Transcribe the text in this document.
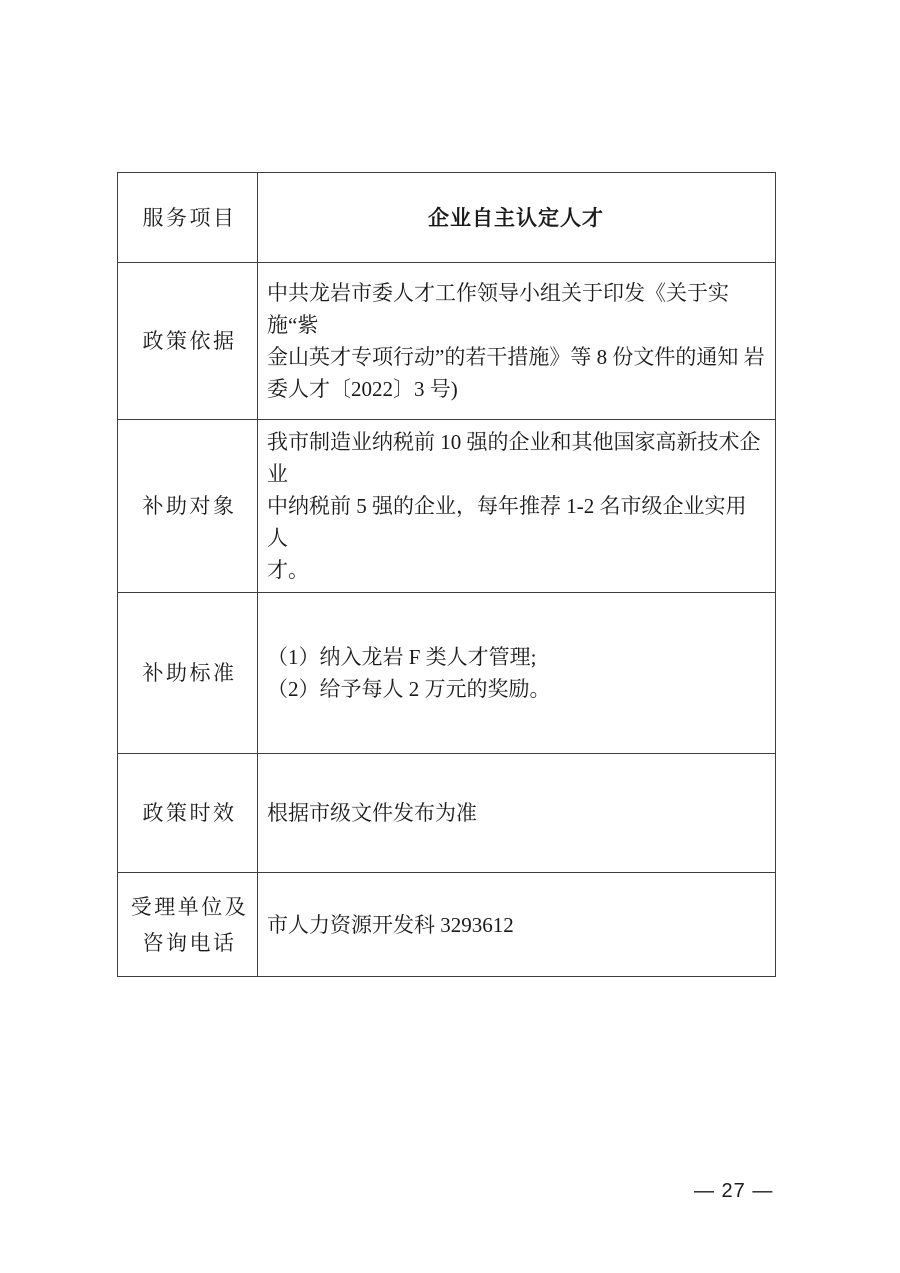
服务项目	企业自主认定人才

政策依据	中共龙岩市委人才工作领导小组关于印发《关于实施“紫
金山英才专项行动”的若干措施》等 8 份文件的通知 岩
委人才〔2022〕3 号)

补助对象	我市制造业纳税前 10 强的企业和其他国家高新技术企业
中纳税前 5 强的企业，每年推荐 1-2 名市级企业实用人
才。

补助标准	（1）纳入龙岩 F 类人才管理;
（2）给予每人 2 万元的奖励。

政策时效	根据市级文件发布为准

受理单位及
咨询电话	市人力资源开发科 3293612
— 27 —
